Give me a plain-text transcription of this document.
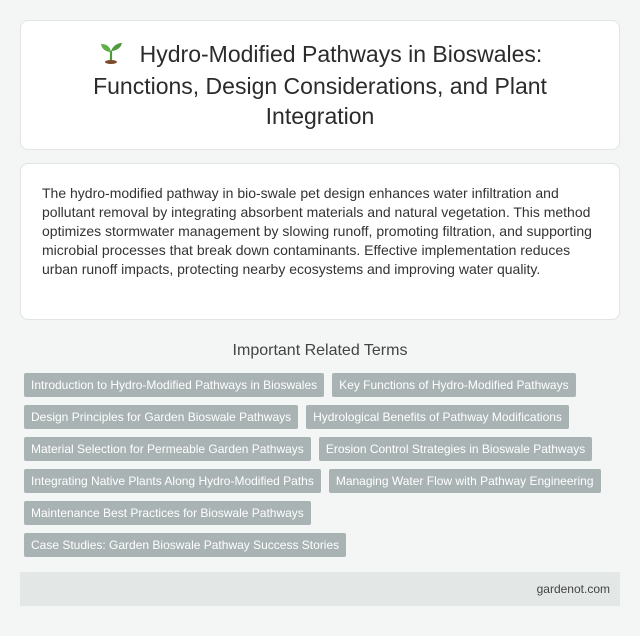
Hydro-Modified Pathways in Bioswales: Functions, Design Considerations, and Plant Integration

The hydro-modified pathway in bio-swale pet design enhances water infiltration and pollutant removal by integrating absorbent materials and natural vegetation. This method optimizes stormwater management by slowing runoff, promoting filtration, and supporting microbial processes that break down contaminants. Effective implementation reduces urban runoff impacts, protecting nearby ecosystems and improving water quality.

Important Related Terms
Introduction to Hydro-Modified Pathways in Bioswales	Key Functions of Hydro-Modified Pathways
Design Principles for Garden Bioswale Pathways	Hydrological Benefits of Pathway Modifications
Material Selection for Permeable Garden Pathways	Erosion Control Strategies in Bioswale Pathways
Integrating Native Plants Along Hydro-Modified Paths	Managing Water Flow with Pathway Engineering
Maintenance Best Practices for Bioswale Pathways
Case Studies: Garden Bioswale Pathway Success Stories
gardenot.com
